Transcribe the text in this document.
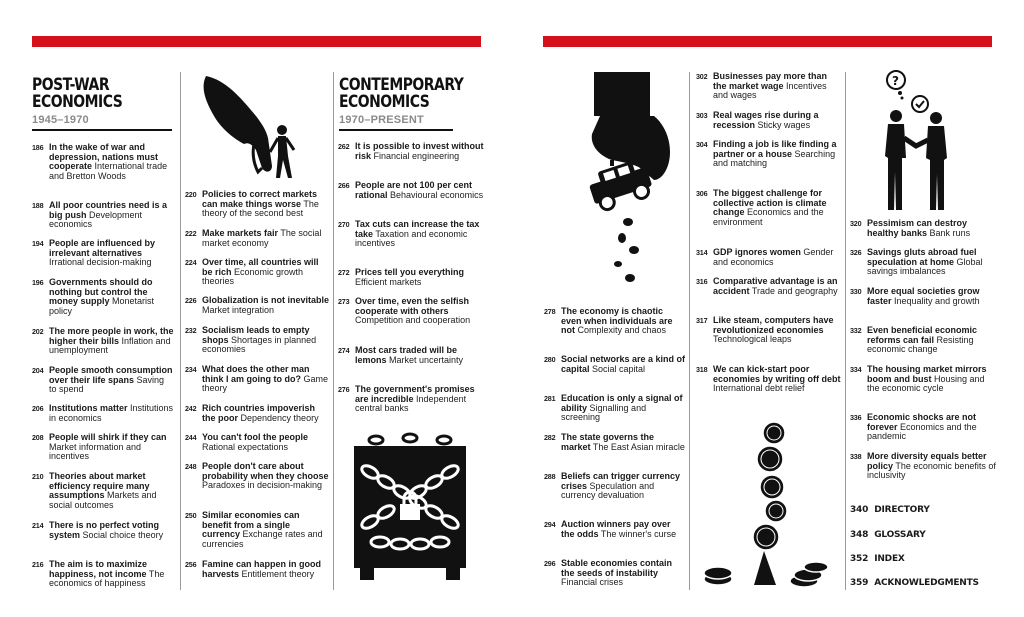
POST-WAR
ECONOMICS
1945–1970
CONTEMPORARY
ECONOMICS
1970–PRESENT
186 In the wake of war and depression, nations must cooperate International trade and Bretton Woods
188 All poor countries need is a big push Development economics
194 People are influenced by irrelevant alternatives Irrational decision-making
196 Governments should do nothing but control the money supply Monetarist policy
202 The more people in work, the higher their bills Inflation and unemployment
204 People smooth consumption over their life spans Saving to spend
206 Institutions matter Institutions in economics
208 People will shirk if they can Market information and incentives
210 Theories about market efficiency require many assumptions Markets and social outcomes
214 There is no perfect voting system Social choice theory
216 The aim is to maximize happiness, not income The economics of happiness
220 Policies to correct markets can make things worse The theory of the second best
222 Make markets fair The social market economy
224 Over time, all countries will be rich Economic growth theories
226 Globalization is not inevitable Market integration
232 Socialism leads to empty shops Shortages in planned economies
234 What does the other man think I am going to do? Game theory
242 Rich countries impoverish the poor Dependency theory
244 You can't fool the people Rational expectations
248 People don't care about probability when they choose Paradoxes in decision-making
250 Similar economies can benefit from a single currency Exchange rates and currencies
256 Famine can happen in good harvests Entitlement theory
262 It is possible to invest without risk Financial engineering
266 People are not 100 per cent rational Behavioural economics
270 Tax cuts can increase the tax take Taxation and economic incentives
272 Prices tell you everything Efficient markets
273 Over time, even the selfish cooperate with others Competition and cooperation
274 Most cars traded will be lemons Market uncertainty
276 The government's promises are incredible Independent central banks
278 The economy is chaotic even when individuals are not Complexity and chaos
280 Social networks are a kind of capital Social capital
281 Education is only a signal of ability Signalling and screening
282 The state governs the market The East Asian miracle
288 Beliefs can trigger currency crises Speculation and currency devaluation
294 Auction winners pay over the odds The winner's curse
296 Stable economies contain the seeds of instability Financial crises
302 Businesses pay more than the market wage Incentives and wages
303 Real wages rise during a recession Sticky wages
304 Finding a job is like finding a partner or a house Searching and matching
306 The biggest challenge for collective action is climate change Economics and the environment
314 GDP ignores women Gender and economics
316 Comparative advantage is an accident Trade and geography
317 Like steam, computers have revolutionized economies Technological leaps
318 We can kick-start poor economies by writing off debt International debt relief
320 Pessimism can destroy healthy banks Bank runs
326 Savings gluts abroad fuel speculation at home Global savings imbalances
330 More equal societies grow faster Inequality and growth
332 Even beneficial economic reforms can fail Resisting economic change
334 The housing market mirrors boom and bust Housing and the economic cycle
336 Economic shocks are not forever Economics and the pandemic
338 More diversity equals better policy The economic benefits of inclusivity
340 DIRECTORY
348 GLOSSARY
352 INDEX
359 ACKNOWLEDGMENTS
?
